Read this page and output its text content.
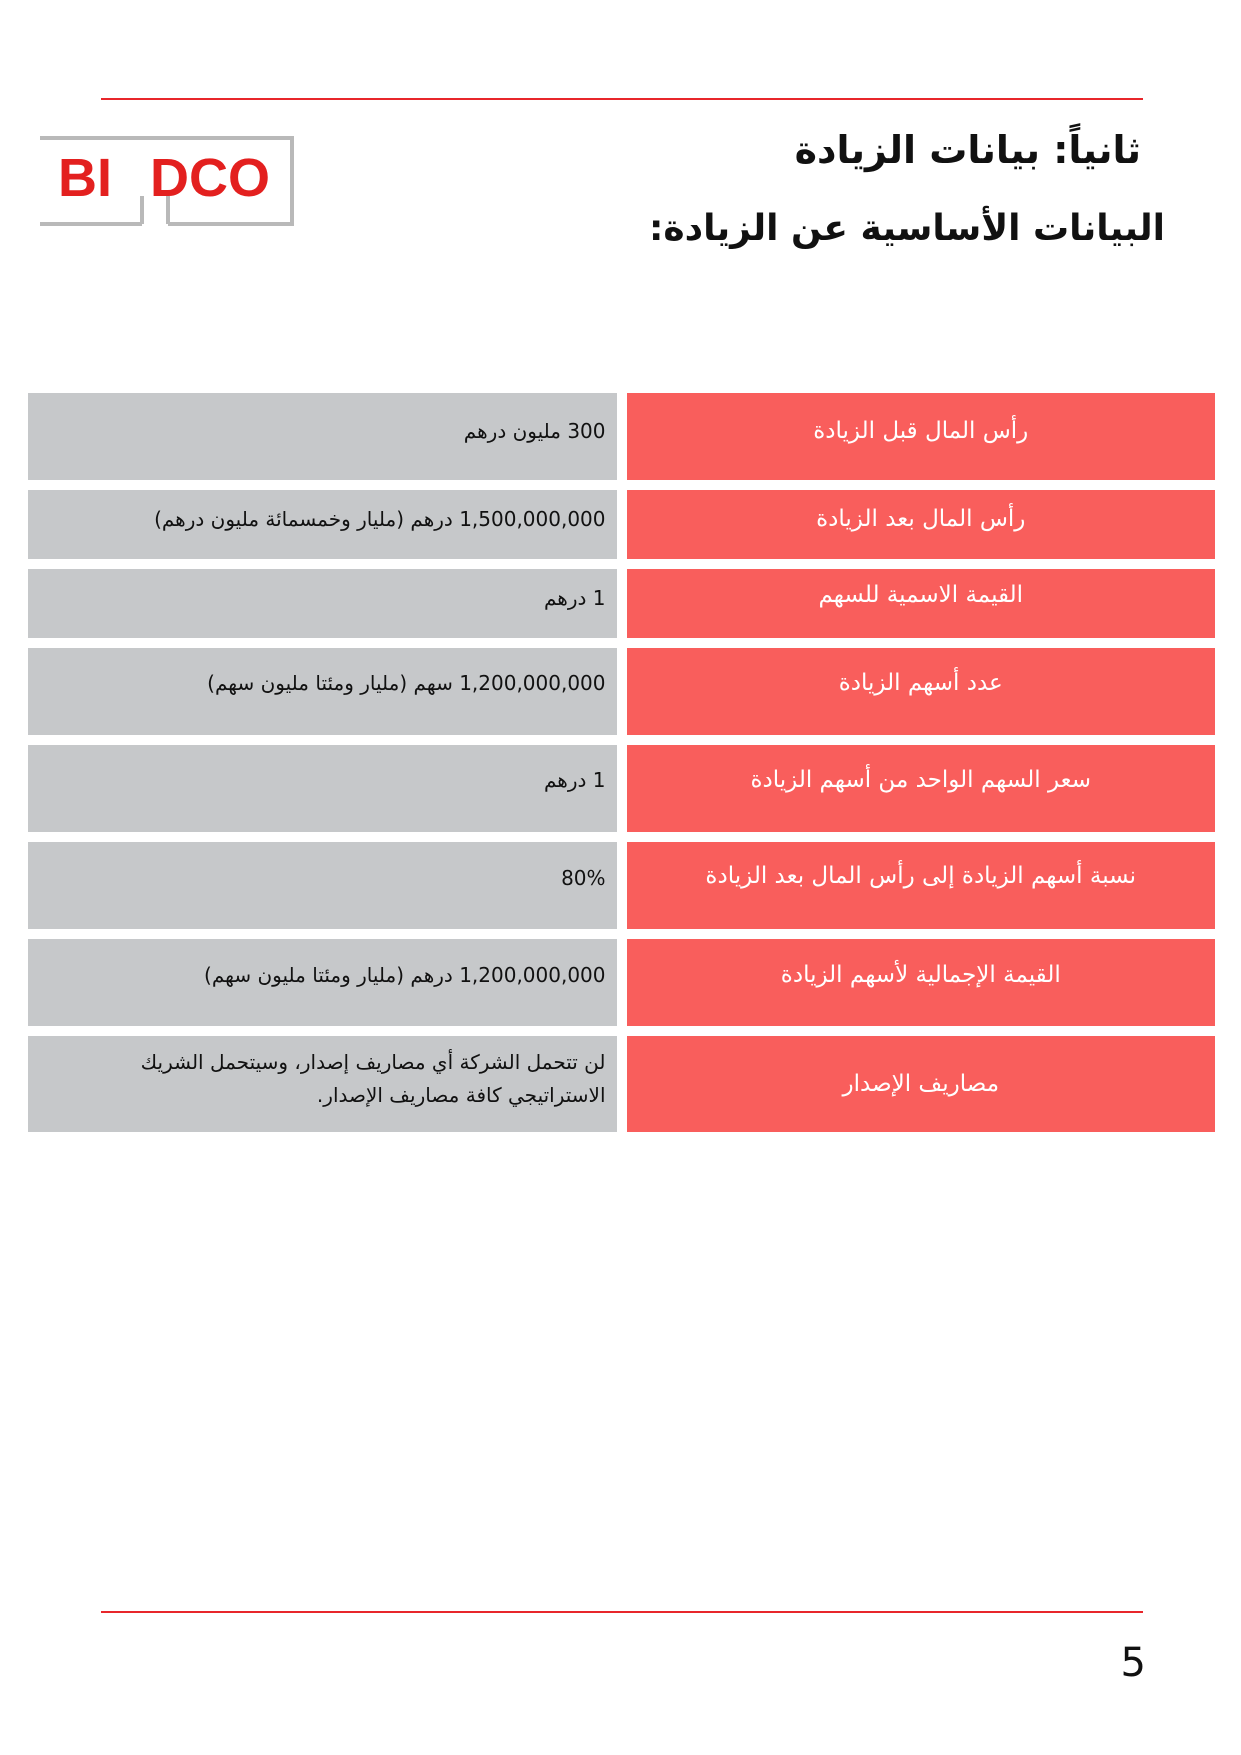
BI DCO	ثانياً: بيانات الزيادة
البيانات الأساسية عن الزيادة:
300 مليون درهم	رأس المال قبل الزيادة
1,500,000,000 درهم (مليار وخمسمائة مليون درهم)	رأس المال بعد الزيادة
1 درهم	القيمة الاسمية للسهم
1,200,000,000 سهم (مليار ومئتا مليون سهم)	عدد أسهم الزيادة
1 درهم	سعر السهم الواحد من أسهم الزيادة
80%	نسبة أسهم الزيادة إلى رأس المال بعد الزيادة
1,200,000,000 درهم (مليار ومئتا مليون سهم)	القيمة الإجمالية لأسهم الزيادة
لن تتحمل الشركة أي مصاريف إصدار، وسيتحمل الشريك الاستراتيجي كافة مصاريف الإصدار.	مصاريف الإصدار
5
